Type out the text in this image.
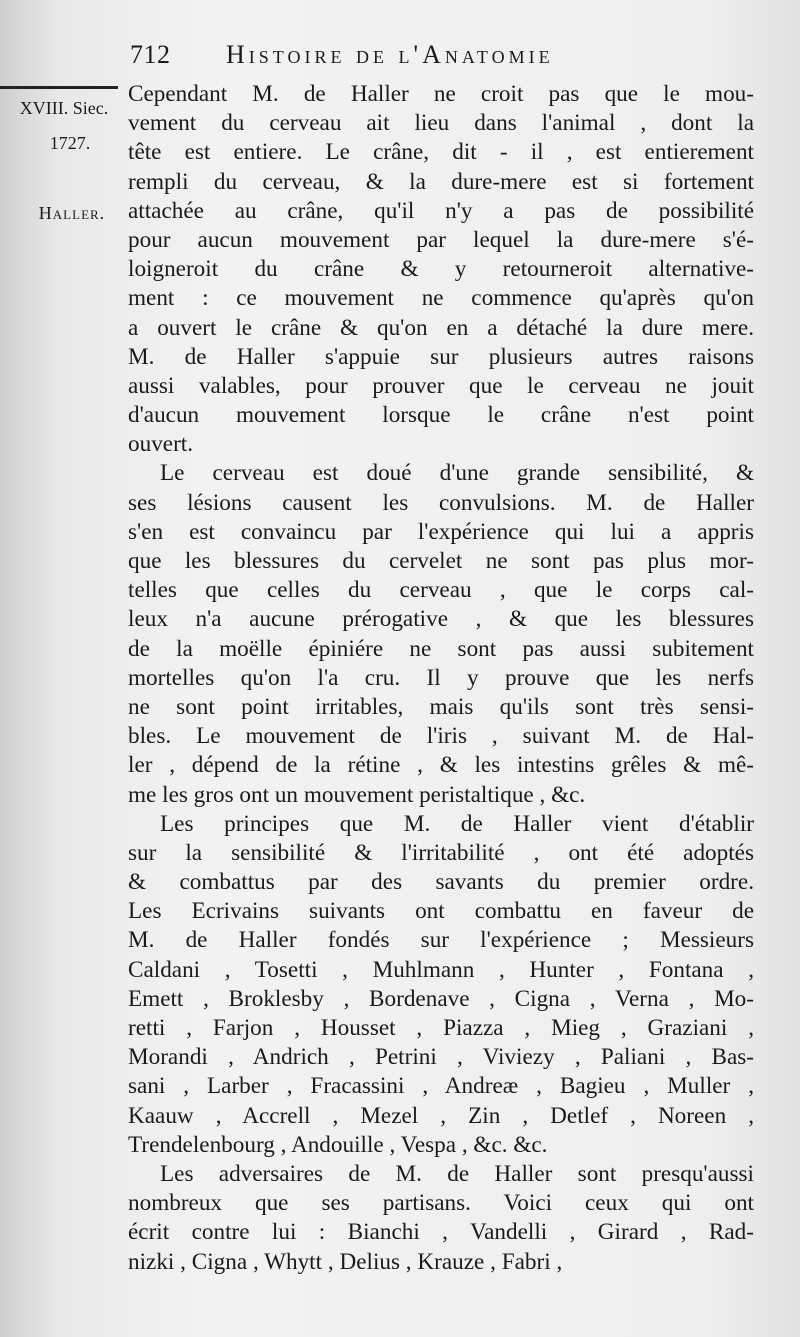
712 Histoire de l'Anatomie
XVIII. Siec.
1727.
Haller.
Cependant M. de Haller ne croit pas que le mou-
vement du cerveau ait lieu dans l'animal , dont la
tête est entiere. Le crâne, dit - il , est entierement
rempli du cerveau, & la dure-mere est si fortement
attachée au crâne, qu'il n'y a pas de possibilité
pour aucun mouvement par lequel la dure-mere s'é-
loigneroit du crâne & y retourneroit alternative-
ment : ce mouvement ne commence qu'après qu'on
a ouvert le crâne & qu'on en a détaché la dure mere.
M. de Haller s'appuie sur plusieurs autres raisons
aussi valables, pour prouver que le cerveau ne jouit
d'aucun mouvement lorsque le crâne n'est point
ouvert.
Le cerveau est doué d'une grande sensibilité, &
ses lésions causent les convulsions. M. de Haller
s'en est convaincu par l'expérience qui lui a appris
que les blessures du cervelet ne sont pas plus mor-
telles que celles du cerveau , que le corps cal-
leux n'a aucune prérogative , & que les blessures
de la moëlle épiniére ne sont pas aussi subitement
mortelles qu'on l'a cru. Il y prouve que les nerfs
ne sont point irritables, mais qu'ils sont très sensi-
bles. Le mouvement de l'iris , suivant M. de Hal-
ler , dépend de la rétine , & les intestins grêles & mê-
me les gros ont un mouvement peristaltique , &c.
Les principes que M. de Haller vient d'établir
sur la sensibilité & l'irritabilité , ont été adoptés
& combattus par des savants du premier ordre.
Les Ecrivains suivants ont combattu en faveur de
M. de Haller fondés sur l'expérience ; Messieurs
Caldani , Tosetti , Muhlmann , Hunter , Fontana ,
Emett , Broklesby , Bordenave , Cigna , Verna , Mo-
retti , Farjon , Housset , Piazza , Mieg , Graziani ,
Morandi , Andrich , Petrini , Viviezy , Paliani , Bas-
sani , Larber , Fracassini , Andreæ , Bagieu , Muller ,
Kaauw , Accrell , Mezel , Zin , Detlef , Noreen ,
Trendelenbourg , Andouille , Vespa , &c. &c.
Les adversaires de M. de Haller sont presqu'aussi
nombreux que ses partisans. Voici ceux qui ont
écrit contre lui : Bianchi , Vandelli , Girard , Rad-
nizki , Cigna , Whytt , Delius , Krauze , Fabri ,
